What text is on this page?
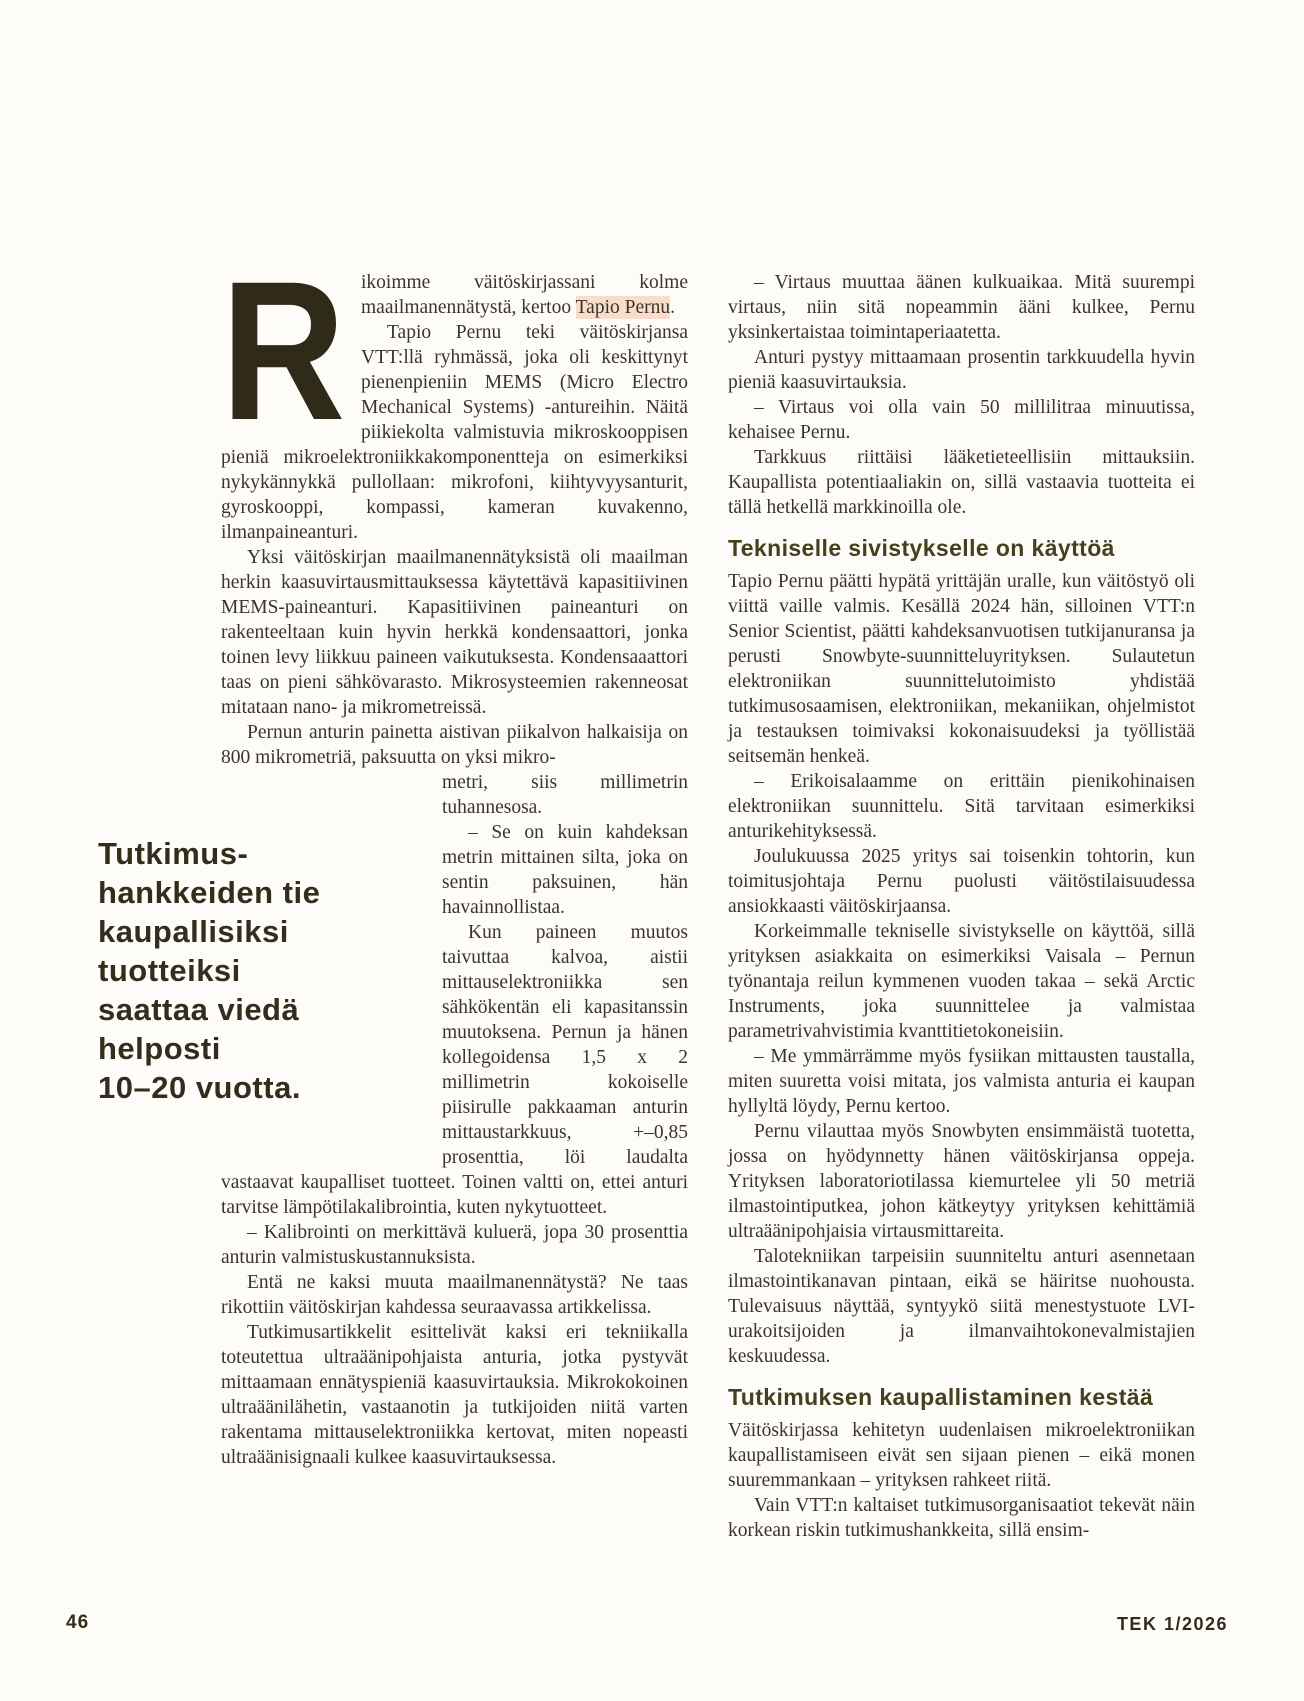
Rikoimme väitöskirjassani kolme maailmanennätystä, kertoo Tapio Pernu.

Tapio Pernu teki väitöskirjansa VTT:llä ryhmässä, joka oli keskittynyt pienenpieniin MEMS (Micro Electro Mechanical Systems) -antureihin. Näitä piikiekolta valmistuvia mikroskooppisen pieniä mikroelektroniikkakomponentteja on esimerkiksi nykykännykkä pullollaan: mikrofoni, kiihtyvyysanturit, gyroskooppi, kompassi, kameran kuvakenno, ilmanpaineanturi.

Yksi väitöskirjan maailmanennätyksistä oli maailman herkin kaasuvirtausmittauksessa käytettävä kapasitiivinen MEMS-paineanturi. Kapasitiivinen paineanturi on rakenteeltaan kuin hyvin herkkä kondensaattori, jonka toinen levy liikkuu paineen vaikutuksesta. Kondensaaattori taas on pieni sähkövarasto. Mikrosysteemien rakenneosat mitataan nano- ja mikrometreissä.

Pernun anturin painetta aistivan piikalvon halkaisija on 800 mikrometriä, paksuutta on yksi mikro-

Tutkimus-
hankkeiden tie
kaupallisiksi
tuotteiksi
saattaa viedä
helposti
10–20 vuotta.
metri, siis millimetrin tuhannesosa.

– Se on kuin kahdeksan metrin mittainen silta, joka on sentin paksuinen, hän havainnollistaa.

Kun paineen muutos taivuttaa kalvoa, aistii mittauselektroniikka sen sähkökentän eli kapasitanssin muutoksena. Pernun ja hänen kollegoidensa 1,5 x 2 millimetrin kokoiselle piisirulle pakkaaman anturin mittaustarkkuus, +–0,85 prosenttia, löi laudalta vastaavat kaupalliset tuotteet. Toinen valtti on, ettei anturi tarvitse lämpötilakalibrointia, kuten nykytuotteet.

– Kalibrointi on merkittävä kuluerä, jopa 30 prosenttia anturin valmistuskustannuksista.

Entä ne kaksi muuta maailmanennätystä? Ne taas rikottiin väitöskirjan kahdessa seuraavassa artikkelissa.

Tutkimusartikkelit esittelivät kaksi eri tekniikalla toteutettua ultraäänipohjaista anturia, jotka pystyvät mittaamaan ennätyspieniä kaasuvirtauksia. Mikrokokoinen ultraäänilähetin, vastaanotin ja tutkijoiden niitä varten rakentama mittauselektroniikka kertovat, miten nopeasti ultraäänisignaali kulkee kaasuvirtauksessa.

– Virtaus muuttaa äänen kulkuaikaa. Mitä suurempi virtaus, niin sitä nopeammin ääni kulkee, Pernu yksinkertaistaa toimintaperiaatetta.

Anturi pystyy mittaamaan prosentin tarkkuudella hyvin pieniä kaasuvirtauksia.

– Virtaus voi olla vain 50 millilitraa minuutissa, kehaisee Pernu.

Tarkkuus riittäisi lääketieteellisiin mittauksiin. Kaupallista potentiaaliakin on, sillä vastaavia tuotteita ei tällä hetkellä markkinoilla ole.

Tekniselle sivistykselle on käyttöä

Tapio Pernu päätti hypätä yrittäjän uralle, kun väitöstyö oli viittä vaille valmis. Kesällä 2024 hän, silloinen VTT:n Senior Scientist, päätti kahdeksanvuotisen tutkijanuransa ja perusti Snowbyte-suunnitteluyrityksen. Sulautetun elektroniikan suunnittelutoimisto yhdistää tutkimusosaamisen, elektroniikan, mekaniikan, ohjelmistot ja testauksen toimivaksi kokonaisuudeksi ja työllistää seitsemän henkeä.

– Erikoisalaamme on erittäin pienikohinaisen elektroniikan suunnittelu. Sitä tarvitaan esimerkiksi anturikehityksessä.

Joulukuussa 2025 yritys sai toisenkin tohtorin, kun toimitusjohtaja Pernu puolusti väitöstilaisuudessa ansiokkaasti väitöskirjaansa.

Korkeimmalle tekniselle sivistykselle on käyttöä, sillä yrityksen asiakkaita on esimerkiksi Vaisala – Pernun työnantaja reilun kymmenen vuoden takaa – sekä Arctic Instruments, joka suunnittelee ja valmistaa parametrivahvistimia kvanttitietokoneisiin.

– Me ymmärrämme myös fysiikan mittausten taustalla, miten suuretta voisi mitata, jos valmista anturia ei kaupan hyllyltä löydy, Pernu kertoo.

Pernu vilauttaa myös Snowbyten ensimmäistä tuotetta, jossa on hyödynnetty hänen väitöskirjansa oppeja. Yrityksen laboratoriotilassa kiemurtelee yli 50 metriä ilmastointiputkea, johon kätkeytyy yrityksen kehittämiä ultraäänipohjaisia virtausmittareita.

Talotekniikan tarpeisiin suunniteltu anturi asennetaan ilmastointikanavan pintaan, eikä se häiritse nuohousta. Tulevaisuus näyttää, syntyykö siitä menestystuote LVI-urakoitsijoiden ja ilmanvaihtokonevalmistajien keskuudessa.

Tutkimuksen kaupallistaminen kestää

Väitöskirjassa kehitetyn uudenlaisen mikroelektroniikan kaupallistamiseen eivät sen sijaan pienen – eikä monen suuremmankaan – yrityksen rahkeet riitä.

Vain VTT:n kaltaiset tutkimusorganisaatiot tekevät näin korkean riskin tutkimushankkeita, sillä ensim-

46	TEK 1/2026
